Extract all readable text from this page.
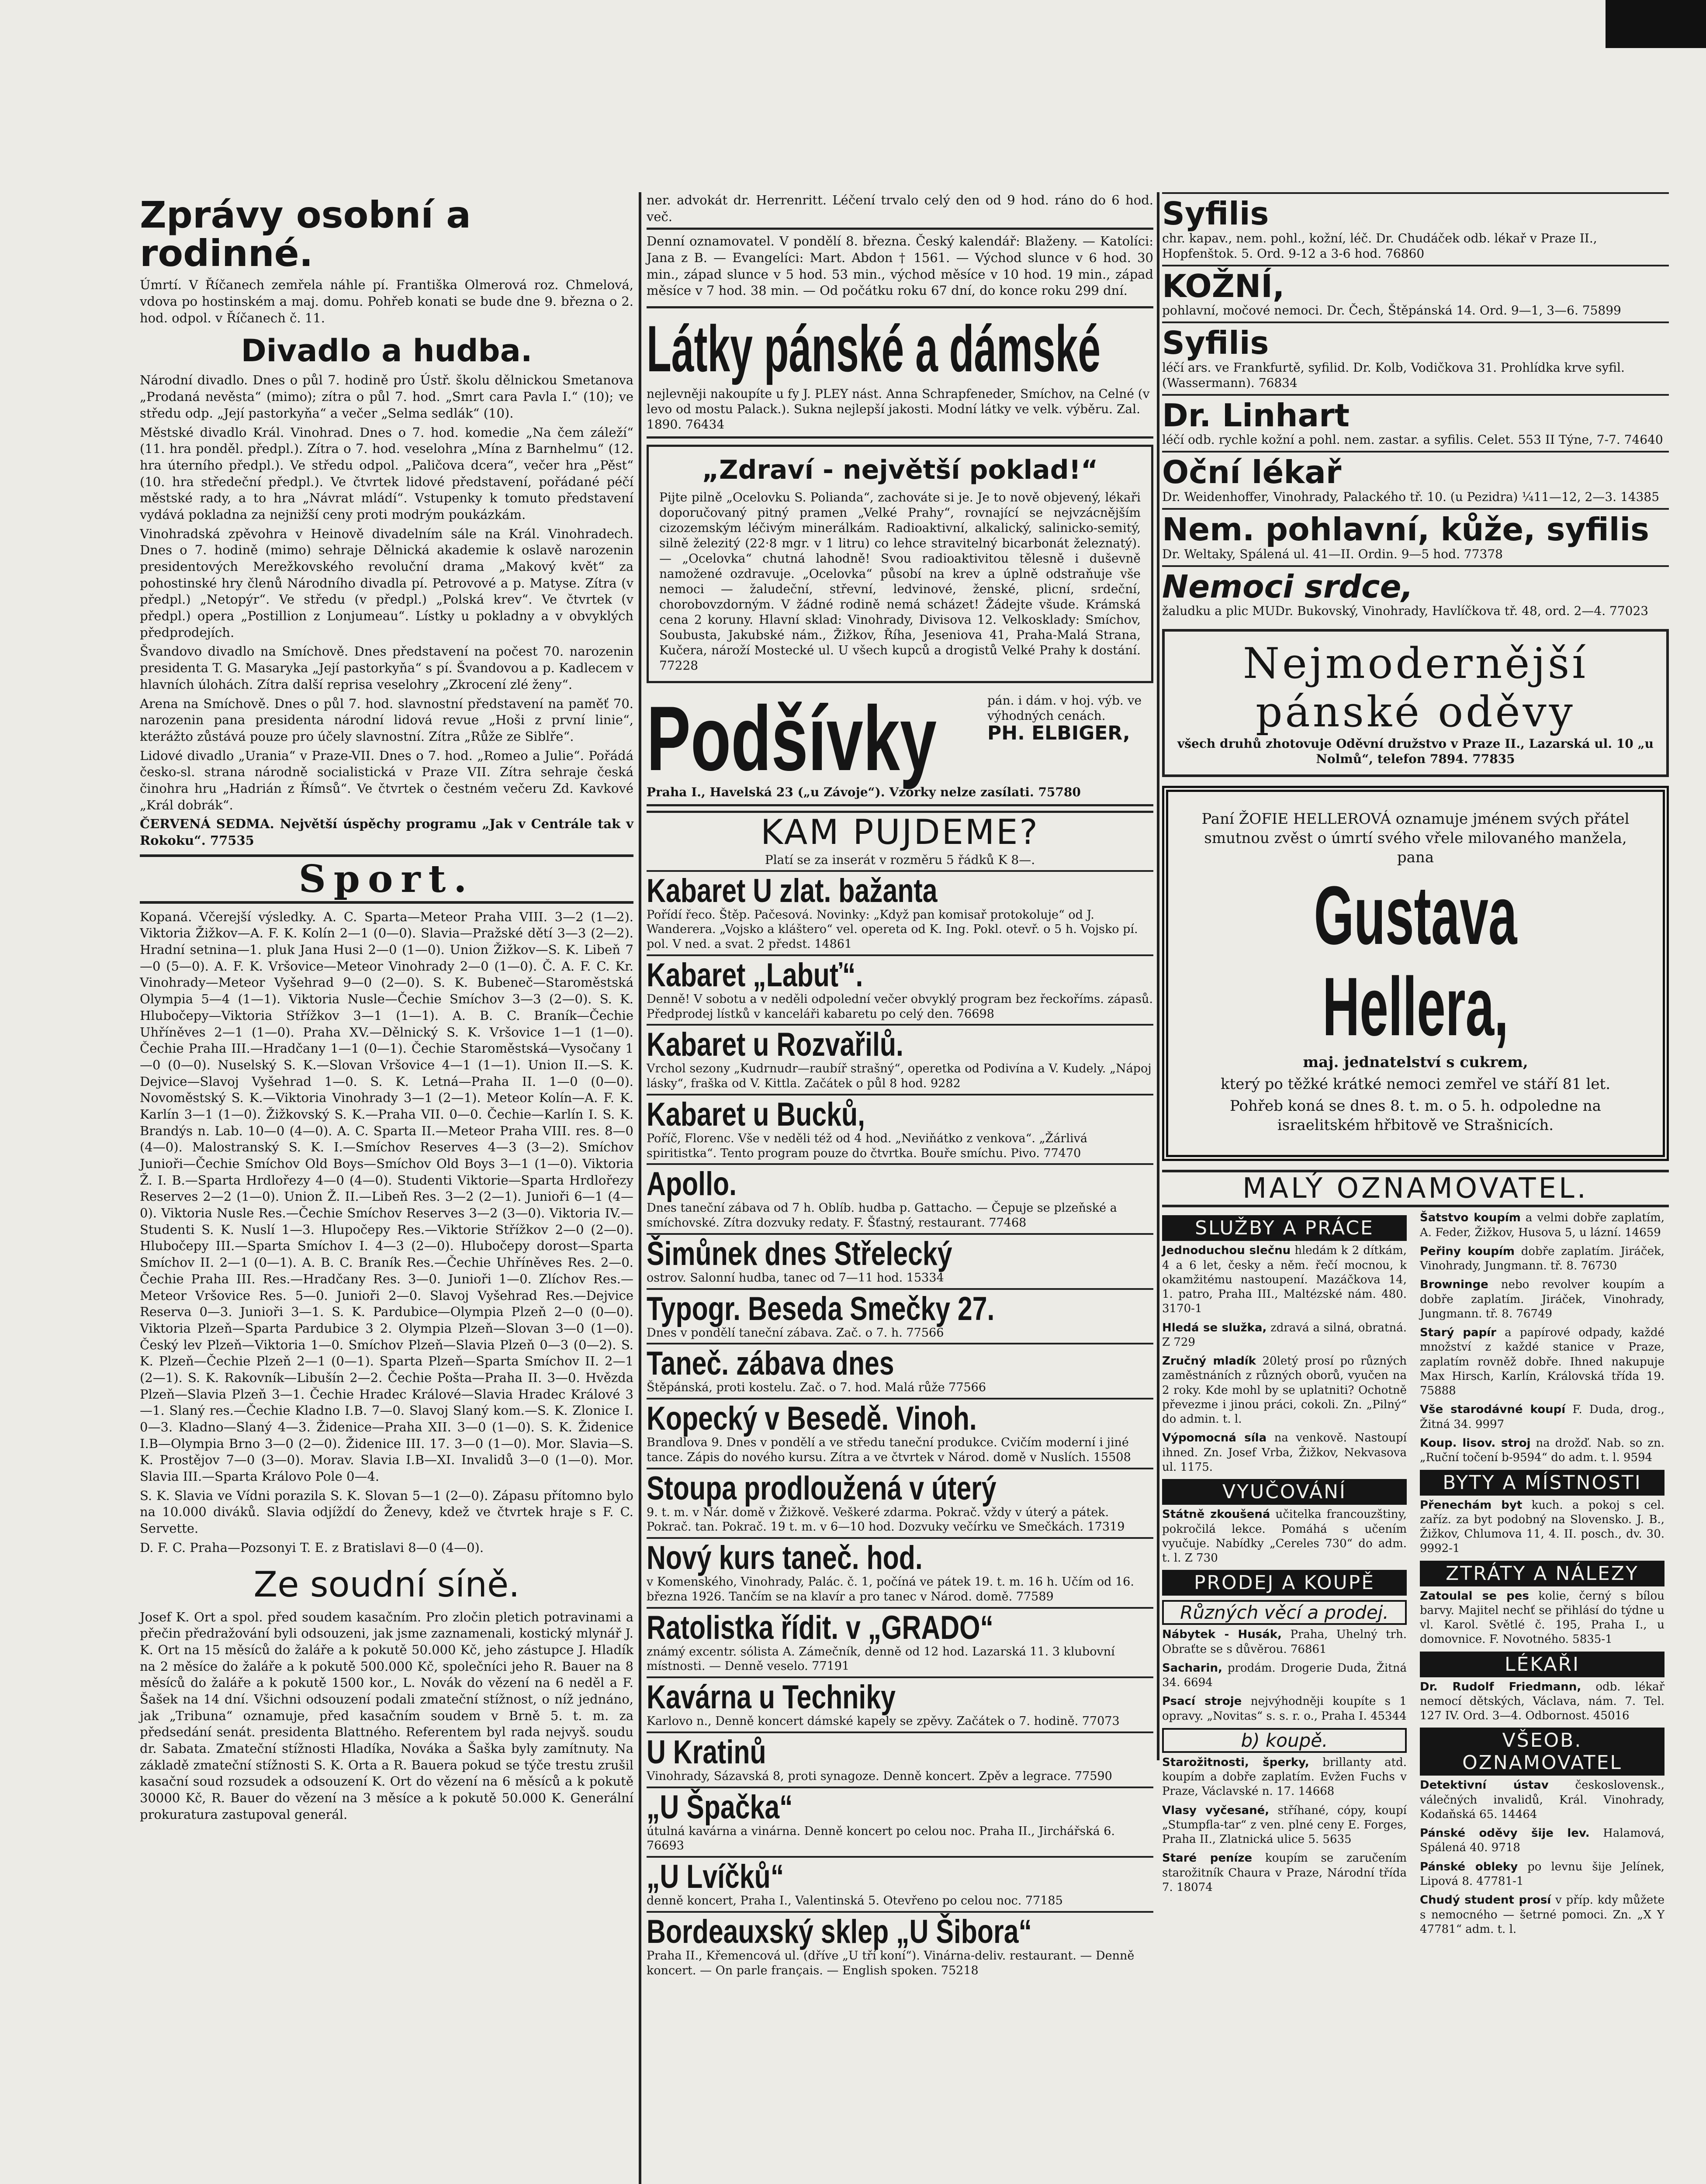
Zprávy osobní a rodinné.

Úmrtí. V Říčanech zemřela náhle pí. Františka Olmerová roz. Chmelová, vdova po hostinském a maj. domu. Pohřeb konati se bude dne 9. března o 2. hod. odpol. v Říčanech č. 11.

Divadlo a hudba.

Národní divadlo. Dnes o půl 7. hodině pro Ústř. školu dělnickou Smetanova „Prodaná nevěsta“ (mimo); zítra o půl 7. hod. „Smrt cara Pavla I.“ (10); ve středu odp. „Její pastorkyňa“ a večer „Selma sedlák“ (10).

Městské divadlo Král. Vinohrad. Dnes o 7. hod. komedie „Na čem záleží“ (11. hra ponděl. předpl.). Zítra o 7. hod. veselohra „Mína z Barnhelmu“ (12. hra úterního předpl.). Ve středu odpol. „Paličova dcera“, večer hra „Pěst“ (10. hra středeční předpl.). Ve čtvrtek lidové představení, pořádané péčí městské rady, a to hra „Návrat mládí“. Vstupenky k tomuto představení vydává pokladna za nejnižší ceny proti modrým poukázkám.

Vinohradská zpěvohra v Heinově divadelním sále na Král. Vinohradech. Dnes o 7. hodině (mimo) sehraje Dělnická akademie k oslavě narozenin presidentových Merežkovského revoluční drama „Makový květ“ za pohostinské hry členů Národního divadla pí. Petrovové a p. Matyse. Zítra (v předpl.) „Netopýr“. Ve středu (v předpl.) „Polská krev“. Ve čtvrtek (v předpl.) opera „Postillion z Lonjumeau“. Lístky u pokladny a v obvyklých předprodejích.

Švandovo divadlo na Smíchově. Dnes představení na počest 70. narozenin presidenta T. G. Masaryka „Její pastorkyňa“ s pí. Švandovou a p. Kadlecem v hlavních úlohách. Zítra další reprisa veselohry „Zkrocení zlé ženy“.

Arena na Smíchově. Dnes o půl 7. hod. slavnostní představení na paměť 70. narozenin pana presidenta národní lidová revue „Hoši z první linie“, kterážto zůstává pouze pro účely slavnostní. Zítra „Růže ze Siblře“.

Lidové divadlo „Urania“ v Praze-VII. Dnes o 7. hod. „Romeo a Julie“. Pořádá česko-sl. strana národně socialistická v Praze VII. Zítra sehraje česká činohra hru „Hadrián z Římsů“. Ve čtvrtek o čestném večeru Zd. Kavkové „Král dobrák“.

ČERVENÁ SEDMA. Největší úspěchy programu „Jak v Centrále tak v Rokoku“. 77535

Sport.

Kopaná. Včerejší výsledky. A. C. Sparta—Meteor Praha VIII. 3—2 (1—2). Viktoria Žižkov—A. F. K. Kolín 2—1 (0—0). Slavia—Pražské dětí 3—3 (2—2). Hradní setnina—1. pluk Jana Husi 2—0 (1—0). Union Žižkov—S. K. Libeň 7—0 (5—0). A. F. K. Vršovice—Meteor Vinohrady 2—0 (1—0). Č. A. F. C. Kr. Vinohrady—Meteor Vyšehrad 9—0 (2—0). S. K. Bubeneč—Staroměstská Olympia 5—4 (1—1). Viktoria Nusle—Čechie Smíchov 3—3 (2—0). S. K. Hlubočepy—Viktoria Střížkov 3—1 (1—1). A. B. C. Braník—Čechie Uhříněves 2—1 (1—0). Praha XV.—Dělnický S. K. Vršovice 1—1 (1—0). Čechie Praha III.—Hradčany 1—1 (0—1). Čechie Staroměstská—Vysočany 1—0 (0—0). Nuselský S. K.—Slovan Vršovice 4—1 (1—1). Union II.—S. K. Dejvice—Slavoj Vyšehrad 1—0. S. K. Letná—Praha II. 1—0 (0—0). Novoměstský S. K.—Viktoria Vinohrady 3—1 (2—1). Meteor Kolín—A. F. K. Karlín 3—1 (1—0). Žižkovský S. K.—Praha VII. 0—0. Čechie—Karlín I. S. K. Brandýs n. Lab. 10—0 (4—0). A. C. Sparta II.—Meteor Praha VIII. res. 8—0 (4—0). Malostranský S. K. I.—Smíchov Reserves 4—3 (3—2). Smíchov Junioři—Čechie Smíchov Old Boys—Smíchov Old Boys 3—1 (1—0). Viktoria Ž. I. B.—Sparta Hrdlořezy 4—0 (4—0). Studenti Viktorie—Sparta Hrdlořezy Reserves 2—2 (1—0). Union Ž. II.—Libeň Res. 3—2 (2—1). Junioři 6—1 (4—0). Viktoria Nusle Res.—Čechie Smíchov Reserves 3—2 (3—0). Viktoria IV.—Studenti S. K. Nuslí 1—3. Hlupočepy Res.—Viktorie Střížkov 2—0 (2—0). Hlubočepy III.—Sparta Smíchov I. 4—3 (2—0). Hlubočepy dorost—Sparta Smíchov II. 2—1 (0—1). A. B. C. Braník Res.—Čechie Uhříněves Res. 2—0. Čechie Praha III. Res.—Hradčany Res. 3—0. Junioři 1—0. Zlíchov Res.—Meteor Vršovice Res. 5—0. Junioři 2—0. Slavoj Vyšehrad Res.—Dejvice Reserva 0—3. Junioři 3—1. S. K. Pardubice—Olympia Plzeň 2—0 (0—0). Viktoria Plzeň—Sparta Pardubice 3 2. Olympia Plzeň—Slovan 3—0 (1—0). Český lev Plzeň—Viktoria 1—0. Smíchov Plzeň—Slavia Plzeň 0—3 (0—2). S. K. Plzeň—Čechie Plzeň 2—1 (0—1). Sparta Plzeň—Sparta Smíchov II. 2—1 (2—1). S. K. Rakovník—Libušín 2—2. Čechie Pošta—Praha II. 3—0. Hvězda Plzeň—Slavia Plzeň 3—1. Čechie Hradec Králové—Slavia Hradec Králové 3—1. Slaný res.—Čechie Kladno I.B. 7—0. Slavoj Slaný kom.—S. K. Zlonice I. 0—3. Kladno—Slaný 4—3. Židenice—Praha XII. 3—0 (1—0). S. K. Židenice I.B—Olympia Brno 3—0 (2—0). Židenice III. 17. 3—0 (1—0). Mor. Slavia—S. K. Prostějov 7—0 (3—0). Morav. Slavia I.B—XI. Invalidů 3—0 (1—0). Mor. Slavia III.—Sparta Královo Pole 0—4.

S. K. Slavia ve Vídni porazila S. K. Slovan 5—1 (2—0). Zápasu přítomno bylo na 10.000 diváků. Slavia odjíždí do Ženevy, kdež ve čtvrtek hraje s F. C. Servette.

D. F. C. Praha—Pozsonyi T. E. z Bratislavi 8—0 (4—0).

Ze soudní síně.

Josef K. Ort a spol. před soudem kasačním. Pro zločin pletich potravinami a přečin předražování byli odsouzeni, jak jsme zaznamenali, kostický mlynář J. K. Ort na 15 měsíců do žaláře a k pokutě 50.000 Kč, jeho zástupce J. Hladík na 2 měsíce do žaláře a k pokutě 500.000 Kč, společníci jeho R. Bauer na 8 měsíců do žaláře a k pokutě 1500 kor., L. Novák do vězení na 6 neděl a F. Šašek na 14 dní. Všichni odsouzení podali zmateční stížnost, o níž jednáno, jak „Tribuna“ oznamuje, před kasačním soudem v Brně 5. t. m. za předsedání senát. presidenta Blattného. Referentem byl rada nejvyš. soudu dr. Sabata. Zmateční stížnosti Hladíka, Nováka a Šaška byly zamítnuty. Na základě zmateční stížnosti S. K. Orta a R. Bauera pokud se týče trestu zrušil kasační soud rozsudek a odsouzení K. Ort do vězení na 6 měsíců a k pokutě 30000 Kč, R. Bauer do vězení na 3 měsíce a k pokutě 50.000 K. Generální prokuratura zastupoval generál.

ner. advokát dr. Herrenritt. Léčení trvalo celý den od 9 hod. ráno do 6 hod. več.

Denní oznamovatel. V pondělí 8. března. Český kalendář: Blaženy. — Katolíci: Jana z B. — Evangelíci: Mart. Abdon † 1561. — Východ slunce v 6 hod. 30 min., západ slunce v 5 hod. 53 min., východ měsíce v 10 hod. 19 min., západ měsíce v 7 hod. 38 min. — Od počátku roku 67 dní, do konce roku 299 dní.

Látky pánské a dámské
nejlevněji nakoupíte u fy J. PLEY nást. Anna Schrapfeneder, Smíchov, na Celné (v levo od mostu Palack.). Sukna nejlepší jakosti. Modní látky ve velk. výběru. Zal. 1890. 76434
„Zdraví - největší poklad!“
Pijte pilně „Ocelovku S. Polianda“, zachováte si je. Je to nově objevený, lékaři doporučovaný pitný pramen „Velké Prahy“, rovnající se nejvzácnějším cizozemským léčivým minerálkám. Radioaktivní, alkalický, salinicko-semitý, silně železitý (22·8 mgr. v 1 litru) co lehce stravitelný bicarbonát železnatý). — „Ocelovka“ chutná lahodně! Svou radioaktivitou tělesně i duševně namožené ozdravuje. „Ocelovka“ působí na krev a úplně odstraňuje vše nemoci — žaludeční, střevní, ledvinové, ženské, plicní, srdeční, chorobovzdorným. V žádné rodině nemá scházet! Žádejte všude. Krámská cena 2 koruny. Hlavní sklad: Vinohrady, Divisova 12. Velkosklady: Smíchov, Soubusta, Jakubské nám., Žižkov, Říha, Jeseniova 41, Praha-Malá Strana, Kučera, nároží Mostecké ul. U všech kupců a drogistů Velké Prahy k dostání. 77228
Podšívky	pán. i dám. v hoj. výb. ve výhodných cenách.
PH. ELBIGER,
Praha I., Havelská 23 („u Závoje“). Vzorky nelze zasílati. 75780
KAM PUJDEME?
Platí se za inserát v rozměru 5 řádků K 8—.
Kabaret U zlat. bažanta
Pořídí řeco. Štěp. Pačesová. Novinky: „Když pan komisař protokoluje“ od J. Wanderera. „Vojsko a kláštero“ vel. opereta od K. Ing. Pokl. otevř. o 5 h. Vojsko pí. pol. V ned. a svat. 2 předst. 14861
Kabaret „Labuť“.
Denně! V sobotu a v neděli odpolední večer obvyklý program bez řeckoříms. zápasů. Předprodej lístků v kanceláři kabaretu po celý den. 76698
Kabaret u Rozvařilů.
Vrchol sezony „Kudrnudr—raubíř strašný“, operetka od Podivína a V. Kudely. „Nápoj lásky“, fraška od V. Kittla. Začátek o půl 8 hod. 9282
Kabaret u Bucků,
Poříč, Florenc. Vše v neděli též od 4 hod. „Neviňátko z venkova“. „Žárlivá spiritistka“. Tento program pouze do čtvrtka. Bouře smíchu. Pivo. 77470
Apollo.
Dnes taneční zábava od 7 h. Oblíb. hudba p. Gattacho. — Čepuje se plzeňské a smíchovské. Zítra dozvuky redaty. F. Šťastný, restaurant. 77468
Šimůnek dnes Střelecký
ostrov. Salonní hudba, tanec od 7—11 hod. 15334
Typogr. Beseda Smečky 27.
Dnes v pondělí taneční zábava. Zač. o 7. h. 77566
Taneč. zábava dnes
Štěpánská, proti kostelu. Zač. o 7. hod. Malá růže 77566
Kopecký v Besedě. Vinoh.
Brandlova 9. Dnes v pondělí a ve středu taneční produkce. Cvičím moderní i jiné tance. Zápis do nového kursu. Zítra a ve čtvrtek v Národ. domě v Nuslích. 15508
Stoupa prodloužená v úterý
9. t. m. v Nár. domě v Žižkově. Veškeré zdarma. Pokrač. vždy v úterý a pátek. Pokrač. tan. Pokrač. 19 t. m. v 6—10 hod. Dozvuky večírku ve Smečkách. 17319
Nový kurs taneč. hod.
v Komenského, Vinohrady, Palác. č. 1, počíná ve pátek 19. t. m. 16 h. Učím od 16. března 1926. Tančím se na klavír a pro tanec v Národ. domě. 77589
Ratolistka řídit. v „GRADO“
známý excentr. sólista A. Zámečník, denně od 12 hod. Lazarská 11. 3 klubovní místnosti. — Denně veselo. 77191
Kavárna u Techniky
Karlovo n., Denně koncert dámské kapely se zpěvy. Začátek o 7. hodině. 77073
U Kratinů
Vinohrady, Sázavská 8, proti synagoze. Denně koncert. Zpěv a legrace. 77590
„U Špačka“
útulná kavárna a vinárna. Denně koncert po celou noc. Praha II., Jirchářská 6. 76693
„U Lvíčků“
denně koncert, Praha I., Valentinská 5. Otevřeno po celou noc. 77185
Bordeauxský sklep „U Šibora“
Praha II., Křemencová ul. (dříve „U tří koní“). Vinárna-deliv. restaurant. — Denně koncert. — On parle français. — English spoken. 75218
Syfilis
chr. kapav., nem. pohl., kožní, léč. Dr. Chudáček odb. lékař v Praze II., Hopfenštok. 5. Ord. 9-12 a 3-6 hod. 76860
KOŽNÍ,
pohlavní, močové nemoci. Dr. Čech, Štěpánská 14. Ord. 9—1, 3—6. 75899
Syfilis
léčí ars. ve Frankfurtě, syfilid. Dr. Kolb, Vodičkova 31. Prohlídka krve syfil. (Wassermann). 76834
Dr. Linhart
léčí odb. rychle kožní a pohl. nem. zastar. a syfilis. Celet. 553 II Týne, 7-7. 74640
Oční lékař
Dr. Weidenhoffer, Vinohrady, Palackého tř. 10. (u Pezidra) ¼11—12, 2—3. 14385
Nem. pohlavní, kůže, syfilis
Dr. Weltaky, Spálená ul. 41—II. Ordin. 9—5 hod. 77378
Nemoci srdce,
žaludku a plic MUDr. Bukovský, Vinohrady, Havlíčkova tř. 48, ord. 2—4. 77023
Nejmodernější pánské oděvy
všech druhů zhotovuje Oděvní družstvo v Praze II., Lazarská ul. 10 „u Nolmů“, telefon 7894. 77835

Paní ŽOFIE HELLEROVÁ oznamuje jménem svých přátel smutnou zvěst o úmrtí svého vřele milovaného manžela, pana

Gustava Hellera,

maj. jednatelství s cukrem,

který po těžké krátké nemoci zemřel ve stáří 81 let.

Pohřeb koná se dnes 8. t. m. o 5. h. odpoledne na israelitském hřbitově ve Strašnicích.

MALÝ OZNAMOVATEL.
SLUŽBY A PRÁCE

Jednoduchou slečnu hledám k 2 dítkám, 4 a 6 let, česky a něm. řečí mocnou, k okamžitému nastoupení. Mazáčkova 14, 1. patro, Praha III., Maltézské nám. 480. 3170-1

Hledá se služka, zdravá a silná, obratná. Z 729

Zručný mladík 20letý prosí po různých zaměstnáních z různých oborů, vyučen na 2 roky. Kde mohl by se uplatniti? Ochotně převezme i jinou práci, cokoli. Zn. „Pilný“ do admin. t. l.

Výpomocná síla na venkově. Nastoupí ihned. Zn. Josef Vrba, Žižkov, Nekvasova ul. 1175.

VYUČOVÁNÍ

Státně zkoušená učitelka francouzštiny, pokročilá lekce. Pomáhá s učením vyučuje. Nabídky „Cereles 730“ do adm. t. l. Z 730

PRODEJ A KOUPĚ
Různých věcí a prodej.

Nábytek - Husák, Praha, Uhelný trh. Obraťte se s důvěrou. 76861

Sacharin, prodám. Drogerie Duda, Žitná 34. 6694

Psací stroje nejvýhodněji koupíte s 1 opravy. „Novitas“ s. s. r. o., Praha I. 45344

b) koupě.

Starožitnosti, šperky, brillanty atd. koupím a dobře zaplatím. Evžen Fuchs v Praze, Václavské n. 17. 14668

Vlasy vyčesané, stříhané, cópy, koupí „Stumpfla-tar“ z ven. plné ceny E. Forges, Praha II., Zlatnická ulice 5. 5635

Staré peníze koupím se zaručením starožitník Chaura v Praze, Národní třída 7. 18074

Šatstvo koupím a velmi dobře zaplatím, A. Feder, Žižkov, Husova 5, u lázní. 14659

Peřiny koupím dobře zaplatím. Jiráček, Vinohrady, Jungmann. tř. 8. 76730

Browninge nebo revolver koupím a dobře zaplatím. Jiráček, Vinohrady, Jungmann. tř. 8. 76749

Starý papír a papírové odpady, každé množství z každé stanice v Praze, zaplatím rovněž dobře. Ihned nakupuje Max Hirsch, Karlín, Královská třída 19. 75888

Vše starodávné koupí F. Duda, drog., Žitná 34. 9997

Koup. lisov. stroj na drožď. Nab. so zn. „Ruční točení b-9594“ do adm. t. l. 9594

BYTY A MÍSTNOSTI

Přenechám byt kuch. a pokoj s cel. zaříz. za byt podobný na Slovensko. J. B., Žižkov, Chlumova 11, 4. II. posch., dv. 30. 9992-1

ZTRÁTY A NÁLEZY

Zatoulal se pes kolie, černý s bílou barvy. Majitel nechť se přihlásí do týdne u vl. Karol. Světlé č. 195, Praha I., u domovnice. F. Novotného. 5835-1

LÉKAŘI

Dr. Rudolf Friedmann, odb. lékař nemocí dětských, Václava, nám. 7. Tel. 127 IV. Ord. 3—4. Odbornost. 45016

VŠEOB. OZNAMOVATEL

Detektivní ústav československ., válečných invalidů, Král. Vinohrady, Kodaňská 65. 14464

Pánské oděvy šije lev. Halamová, Spálená 40. 9718

Pánské obleky po levnu šije Jelínek, Lipová 8. 47781-1

Chudý student prosí v příp. kdy můžete s nemocného — šetrné pomoci. Zn. „X Y 47781“ adm. t. l.
